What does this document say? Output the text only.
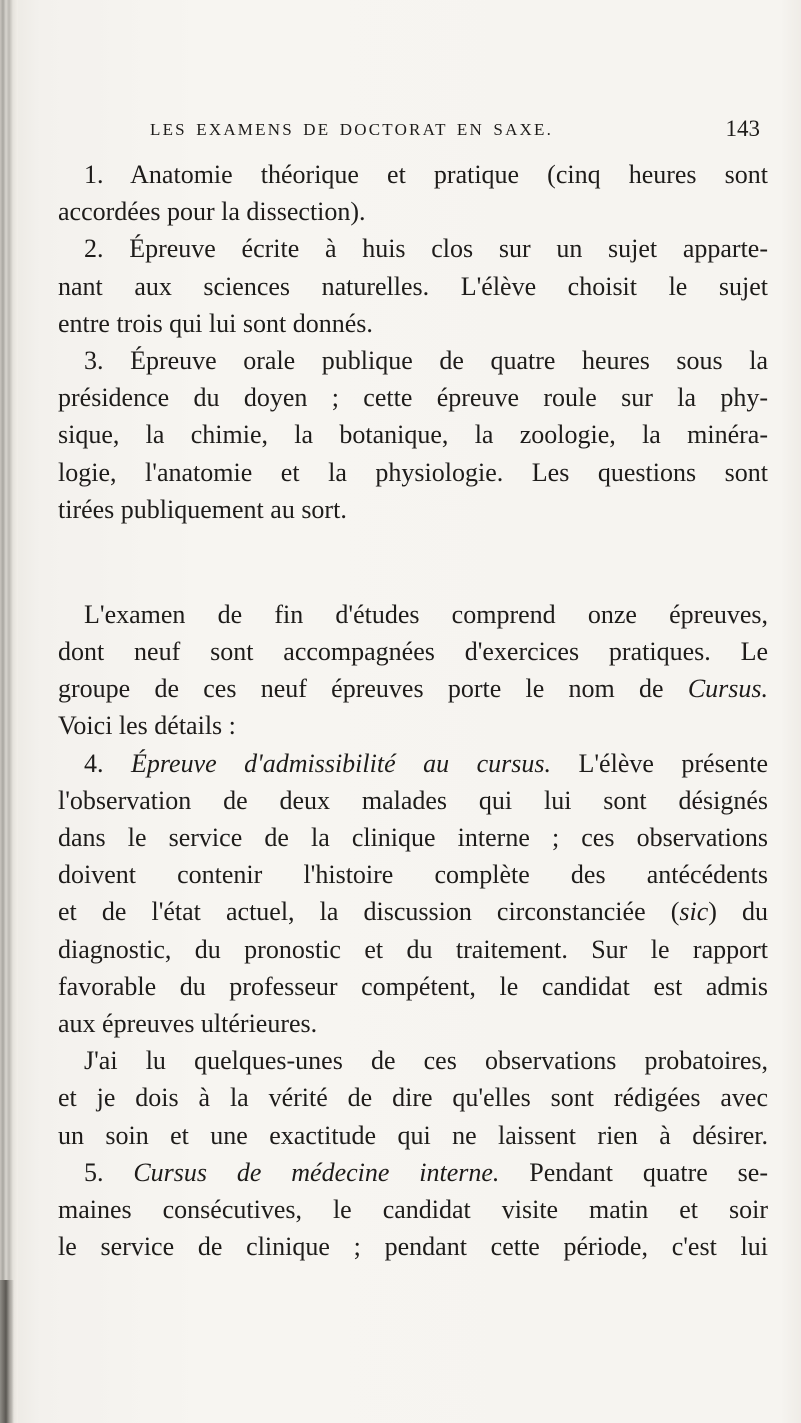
LES EXAMENS DE DOCTORAT EN SAXE.	143
1. Anatomie théorique et pratique (cinq heures sont
accordées pour la dissection).
2. Épreuve écrite à huis clos sur un sujet apparte-
nant aux sciences naturelles. L'élève choisit le sujet
entre trois qui lui sont donnés.
3. Épreuve orale publique de quatre heures sous la
présidence du doyen ; cette épreuve roule sur la phy-
sique, la chimie, la botanique, la zoologie, la minéra-
logie, l'anatomie et la physiologie. Les questions sont
tirées publiquement au sort.
L'examen de fin d'études comprend onze épreuves,
dont neuf sont accompagnées d'exercices pratiques. Le
groupe de ces neuf épreuves porte le nom de Cursus.
Voici les détails :
4. Épreuve d'admissibilité au cursus. L'élève présente
l'observation de deux malades qui lui sont désignés
dans le service de la clinique interne ; ces observations
doivent contenir l'histoire complète des antécédents
et de l'état actuel, la discussion circonstanciée (sic) du
diagnostic, du pronostic et du traitement. Sur le rapport
favorable du professeur compétent, le candidat est admis
aux épreuves ultérieures.
J'ai lu quelques-unes de ces observations probatoires,
et je dois à la vérité de dire qu'elles sont rédigées avec
un soin et une exactitude qui ne laissent rien à désirer.
5. Cursus de médecine interne. Pendant quatre se-
maines consécutives, le candidat visite matin et soir
le service de clinique ; pendant cette période, c'est lui
